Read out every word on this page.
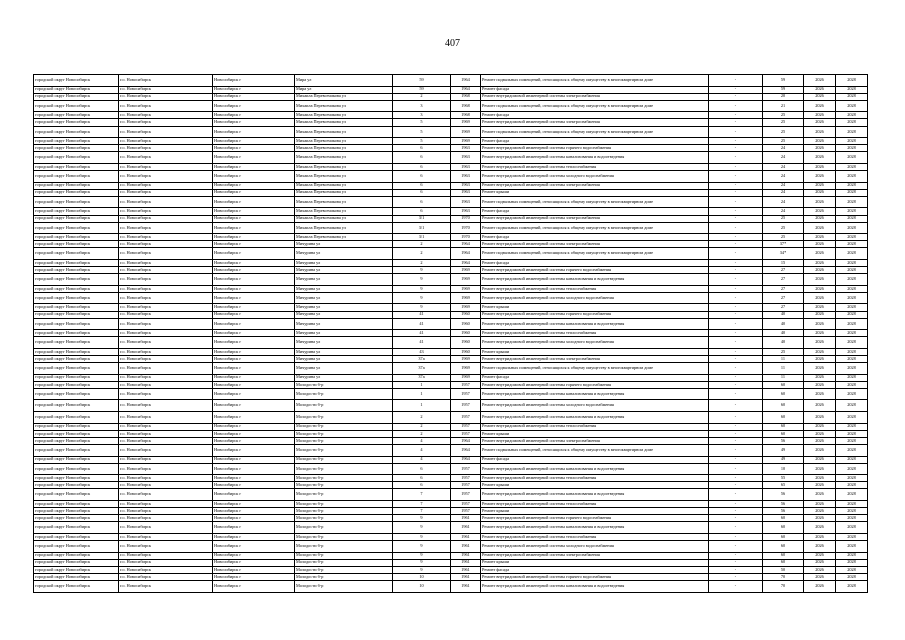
407
городской округ Новосибирск	г.о. Новосибирск	Новосибирск г	Мира ул	59	1964	Ремонт подвальных помещений, относящихся к общему имуществу в многоквартирном доме	-	59	2026	2028
городской округ Новосибирск	г.о. Новосибирск	Новосибирск г	Мира ул	59	1964	Ремонт фасада	-	59	2026	2028
городской округ Новосибирск	г.о. Новосибирск	Новосибирск г	Михаила Перевозчикова ул	2	1968	Ремонт внутридомовой инженерной системы электроснабжения	-	20	2026	2028
городской округ Новосибирск	г.о. Новосибирск	Новосибирск г	Михаила Перевозчикова ул	3	1968	Ремонт подвальных помещений, относящихся к общему имуществу в многоквартирном доме	-	21	2026	2028
городской округ Новосибирск	г.о. Новосибирск	Новосибирск г	Михаила Перевозчикова ул	3	1968	Ремонт фасада	-	25	2026	2028
городской округ Новосибирск	г.о. Новосибирск	Новосибирск г	Михаила Перевозчикова ул	5	1969	Ремонт внутридомовой инженерной системы электроснабжения	-	25	2026	2028
городской округ Новосибирск	г.о. Новосибирск	Новосибирск г	Михаила Перевозчикова ул	5	1969	Ремонт подвальных помещений, относящихся к общему имуществу в многоквартирном доме	-	25	2026	2028
городской округ Новосибирск	г.о. Новосибирск	Новосибирск г	Михаила Перевозчикова ул	5	1969	Ремонт фасада	-	25	2026	2028
городской округ Новосибирск	г.о. Новосибирск	Новосибирск г	Михаила Перевозчикова ул	6	1963	Ремонт внутридомовой инженерной системы горячего водоснабжения	-	24	2026	2028
городской округ Новосибирск	г.о. Новосибирск	Новосибирск г	Михаила Перевозчикова ул	6	1963	Ремонт внутридомовой инженерной системы канализования и водоотведения	-	24	2026	2028
городской округ Новосибирск	г.о. Новосибирск	Новосибирск г	Михаила Перевозчикова ул	6	1963	Ремонт внутридомовой инженерной системы теплоснабжения	-	24	2026	2028
городской округ Новосибирск	г.о. Новосибирск	Новосибирск г	Михаила Перевозчикова ул	6	1963	Ремонт внутридомовой инженерной системы холодного водоснабжения	-	24	2026	2028
городской округ Новосибирск	г.о. Новосибирск	Новосибирск г	Михаила Перевозчикова ул	6	1963	Ремонт внутридомовой инженерной системы электроснабжения	-	24	2026	2028
городской округ Новосибирск	г.о. Новосибирск	Новосибирск г	Михаила Перевозчикова ул	6	1963	Ремонт крыши	-	24	2026	2028
городской округ Новосибирск	г.о. Новосибирск	Новосибирск г	Михаила Перевозчикова ул	6	1963	Ремонт подвальных помещений, относящихся к общему имуществу в многоквартирном доме	-	24	2026	2028
городской округ Новосибирск	г.о. Новосибирск	Новосибирск г	Михаила Перевозчикова ул	6	1963	Ремонт фасада	-	24	2026	2028
городской округ Новосибирск	г.о. Новосибирск	Новосибирск г	Михаила Перевозчикова ул	3/1	1970	Ремонт внутридомовой инженерной системы электроснабжения	-	25	2026	2028
городской округ Новосибирск	г.о. Новосибирск	Новосибирск г	Михаила Перевозчикова ул	3/1	1970	Ремонт подвальных помещений, относящихся к общему имуществу в многоквартирном доме	-	25	2026	2028
городской округ Новосибирск	г.о. Новосибирск	Новосибирск г	Михаила Перевозчикова ул	3/1	1970	Ремонт фасада	-	25	2026	2028
городской округ Новосибирск	г.о. Новосибирск	Новосибирск г	Мичурина ул	2	1964	Ремонт внутридомовой инженерной системы электроснабжения	-	37*	2026	2028
городской округ Новосибирск	г.о. Новосибирск	Новосибирск г	Мичурина ул	2	1964	Ремонт подвальных помещений, относящихся к общему имуществу в многоквартирном доме	-	34*	2026	2028
городской округ Новосибирск	г.о. Новосибирск	Новосибирск г	Мичурина ул	2	1964	Ремонт фасада	-	15	2026	2028
городской округ Новосибирск	г.о. Новосибирск	Новосибирск г	Мичурина ул	9	1969	Ремонт внутридомовой инженерной системы горячего водоснабжения	-	27	2026	2028
городской округ Новосибирск	г.о. Новосибирск	Новосибирск г	Мичурина ул	9	1969	Ремонт внутридомовой инженерной системы канализования и водоотведения	-	27	2026	2028
городской округ Новосибирск	г.о. Новосибирск	Новосибирск г	Мичурина ул	9	1969	Ремонт внутридомовой инженерной системы теплоснабжения	-	27	2026	2028
городской округ Новосибирск	г.о. Новосибирск	Новосибирск г	Мичурина ул	9	1969	Ремонт внутридомовой инженерной системы холодного водоснабжения	-	27	2026	2028
городской округ Новосибирск	г.о. Новосибирск	Новосибирск г	Мичурина ул	9	1969	Ремонт крыши	-	27	2026	2028
городской округ Новосибирск	г.о. Новосибирск	Новосибирск г	Мичурина ул	41	1960	Ремонт внутридомовой инженерной системы горячего водоснабжения	-	40	2026	2028
городской округ Новосибирск	г.о. Новосибирск	Новосибирск г	Мичурина ул	41	1960	Ремонт внутридомовой инженерной системы канализования и водоотведения	-	40	2026	2028
городской округ Новосибирск	г.о. Новосибирск	Новосибирск г	Мичурина ул	41	1960	Ремонт внутридомовой инженерной системы теплоснабжения	-	40	2026	2028
городской округ Новосибирск	г.о. Новосибирск	Новосибирск г	Мичурина ул	41	1960	Ремонт внутридомовой инженерной системы холодного водоснабжения	-	40	2026	2028
городской округ Новосибирск	г.о. Новосибирск	Новосибирск г	Мичурина ул	43	1960	Ремонт крыши	-	25	2026	2028
городской округ Новосибирск	г.о. Новосибирск	Новосибирск г	Мичурина ул	37а	1969	Ремонт внутридомовой инженерной системы электроснабжения	-	11	2026	2028
городской округ Новосибирск	г.о. Новосибирск	Новосибирск г	Мичурина ул	37а	1969	Ремонт подвальных помещений, относящихся к общему имуществу в многоквартирном доме	-	11	2026	2028
городской округ Новосибирск	г.о. Новосибирск	Новосибирск г	Мичурина ул	37а	1969	Ремонт фасада	-	11	2026	2028
городской округ Новосибирск	г.о. Новосибирск	Новосибирск г	Молодости б-р	1	1957	Ремонт внутридомовой инженерной системы горячего водоснабжения	-	60	2026	2028
городской округ Новосибирск	г.о. Новосибирск	Новосибирск г	Молодости б-р	1	1957	Ремонт внутридомовой инженерной системы канализования и водоотведения	-	60	2026	2028
городской округ Новосибирск	г.о. Новосибирск	Новосибирск г	Молодости б-р	1	1957	Ремонт внутридомовой инженерной системы холодного водоснабжения	-	60	2026	2028
городской округ Новосибирск	г.о. Новосибирск	Новосибирск г	Молодости б-р	2	1957	Ремонт внутридомовой инженерной системы канализования и водоотведения	-	60	2026	2028
городской округ Новосибирск	г.о. Новосибирск	Новосибирск г	Молодости б-р	2	1957	Ремонт внутридомовой инженерной системы теплоснабжения	-	60	2026	2028
городской округ Новосибирск	г.о. Новосибирск	Новосибирск г	Молодости б-р	2	1957	Ремонт крыши	-	60	2026	2028
городской округ Новосибирск	г.о. Новосибирск	Новосибирск г	Молодости б-р	4	1964	Ремонт внутридомовой инженерной системы электроснабжения	-	56	2026	2028
городской округ Новосибирск	г.о. Новосибирск	Новосибирск г	Молодости б-р	4	1964	Ремонт подвальных помещений, относящихся к общему имуществу в многоквартирном доме	-	49	2026	2028
городской округ Новосибирск	г.о. Новосибирск	Новосибирск г	Молодости б-р	4	1964	Ремонт фасада	-	49	2026	2028
городской округ Новосибирск	г.о. Новосибирск	Новосибирск г	Молодости б-р	6	1957	Ремонт внутридомовой инженерной системы канализования и водоотведения	-	10	2026	2028
городской округ Новосибирск	г.о. Новосибирск	Новосибирск г	Молодости б-р	6	1957	Ремонт внутридомовой инженерной системы теплоснабжения	-	55	2026	2028
городской округ Новосибирск	г.о. Новосибирск	Новосибирск г	Молодости б-р	6	1957	Ремонт крыши	-	65	2026	2028
городской округ Новосибирск	г.о. Новосибирск	Новосибирск г	Молодости б-р	7	1957	Ремонт внутридомовой инженерной системы канализования и водоотведения	-	56	2026	2028
городской округ Новосибирск	г.о. Новосибирск	Новосибирск г	Молодости б-р	7	1957	Ремонт внутридомовой инженерной системы теплоснабжения	-	56	2026	2028
городской округ Новосибирск	г.о. Новосибирск	Новосибирск г	Молодости б-р	7	1957	Ремонт крыши	-	56	2026	2028
городской округ Новосибирск	г.о. Новосибирск	Новосибирск г	Молодости б-р	9	1961	Ремонт внутридомовой инженерной системы горячего водоснабжения	-	60	2026	2028
городской округ Новосибирск	г.о. Новосибирск	Новосибирск г	Молодости б-р	9	1961	Ремонт внутридомовой инженерной системы канализования и водоотведения	-	60	2026	2028
городской округ Новосибирск	г.о. Новосибирск	Новосибирск г	Молодости б-р	9	1961	Ремонт внутридомовой инженерной системы теплоснабжения	-	60	2026	2028
городской округ Новосибирск	г.о. Новосибирск	Новосибирск г	Молодости б-р	9	1961	Ремонт внутридомовой инженерной системы холодного водоснабжения	-	60	2026	2028
городской округ Новосибирск	г.о. Новосибирск	Новосибирск г	Молодости б-р	9	1961	Ремонт внутридомовой инженерной системы электроснабжения	-	60	2026	2028
городской округ Новосибирск	г.о. Новосибирск	Новосибирск г	Молодости б-р	9	1961	Ремонт крыши	-	60	2026	2028
городской округ Новосибирск	г.о. Новосибирск	Новосибирск г	Молодости б-р	9	1961	Ремонт фасада	-	50	2026	2028
городской округ Новосибирск	г.о. Новосибирск	Новосибирск г	Молодости б-р	10	1961	Ремонт внутридомовой инженерной системы горячего водоснабжения	-	70	2026	2028
городской округ Новосибирск	г.о. Новосибирск	Новосибирск г	Молодости б-р	10	1961	Ремонт внутридомовой инженерной системы канализования и водоотведения	-	70	2026	2028
